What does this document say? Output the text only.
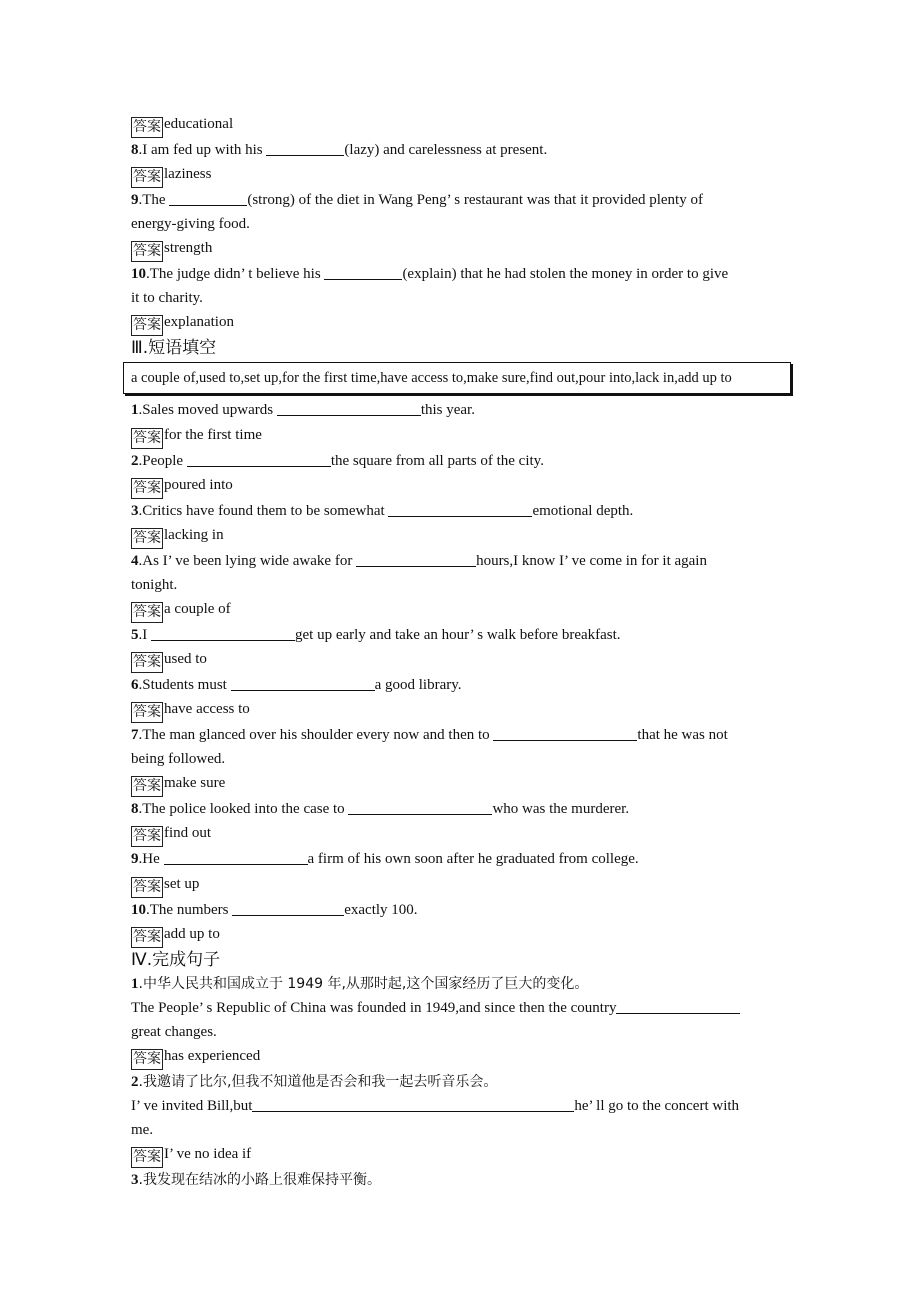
答案 educational
8.I am fed up with his	(lazy) and carelessness at present.
答案 laziness
9.The	(strong) of the diet in Wang Peng’ s restaurant was that it provided plenty of
energy-giving food.
答案 strength
10.The judge didn’ t believe his	(explain) that he had stolen the money in order to give
it to charity.
答案 explanation
Ⅲ.短语填空
a couple of,used to,set up,for the first time,have access to,make sure,find out,pour into,lack in,add up to
1.Sales moved upwards	this year.
答案 for the first time
2.People	the square from all parts of the city.
答案 poured into
3.Critics have found them to be somewhat	emotional depth.
答案 lacking in
4.As I’ ve been lying wide awake for	hours,I know I’ ve come in for it again
tonight.
答案 a couple of
5.I	get up early and take an hour’ s walk before breakfast.
答案 used to
6.Students must	a good library.
答案 have access to
7.The man glanced over his shoulder every now and then to	that he was not
being followed.
答案 make sure
8.The police looked into the case to	who was the murderer.
答案 find out
9.He	a firm of his own soon after he graduated from college.
答案 set up
10.The numbers	exactly 100.
答案 add up to
Ⅳ.完成句子
1.中华人民共和国成立于 1949 年,从那时起,这个国家经历了巨大的变化。
The People’ s Republic of China was founded in 1949,and since then the country
great changes.
答案 has experienced
2.我邀请了比尔,但我不知道他是否会和我一起去听音乐会。
I’ ve invited Bill,but	he’ ll go to the concert with
me.
答案 I’ ve no idea if
3.我发现在结冰的小路上很难保持平衡。
